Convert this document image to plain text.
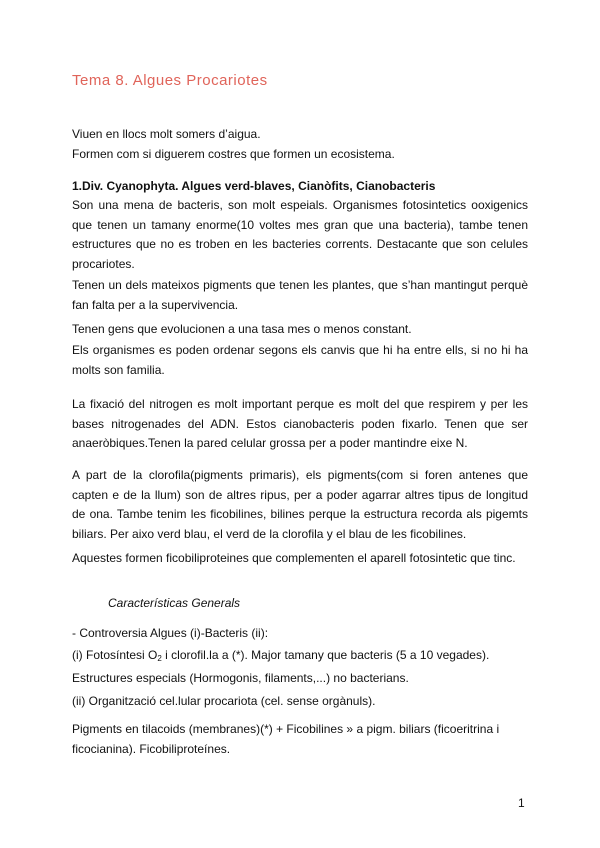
Tema 8. Algues Procariotes

Viuen en llocs molt somers d’aigua.

Formen com si diguerem costres que formen un ecosistema.

1.Div. Cyanophyta. Algues verd-blaves, Cianòfits, Cianobacteris

Son una mena de bacteris, son molt espeials. Organismes fotosintetics ooxigenics que tenen un tamany enorme(10 voltes mes gran que una bacteria), tambe tenen estructures que no es troben en les bacteries corrents. Destacante que son celules procariotes.

Tenen un dels mateixos pigments que tenen les plantes, que s’han mantingut perquè fan falta per a la supervivencia.

Tenen gens que evolucionen a una tasa mes o menos constant.

Els organismes es poden ordenar segons els canvis que hi ha entre ells, si no hi ha molts son familia.

La fixació del nitrogen es molt important perque es molt del que respirem y per les bases nitrogenades del ADN. Estos cianobacteris poden fixarlo. Tenen que ser anaeròbiques.Tenen la pared celular grossa per a poder mantindre eixe N.

A part de la clorofila(pigments primaris), els pigments(com si foren antenes que capten e de la llum) son de altres ripus, per a poder agarrar altres tipus de longitud de ona. Tambe tenim les ficobilines, bilines perque la estructura recorda als pigemts biliars. Per aixo verd blau, el verd de la clorofila y el blau de les ficobilines.

Aquestes formen ficobiliproteines que complementen el aparell fotosintetic que tinc.

Características Generals

- Controversia Algues (i)-Bacteris (ii):

(i) Fotosíntesi $O_2$ i clorofil.la a (*). Major tamany que bacteris (5 a 10 vegades).

Estructures especials (Hormogonis, filaments,...) no bacterians.

(ii) Organització cel.lular procariota (cel. sense orgànuls).

Pigments en tilacoids (membranes)(*) + Ficobilines » a pigm. biliars (ficoeritrina i ficocianina). Ficobiliproteínes.

1
